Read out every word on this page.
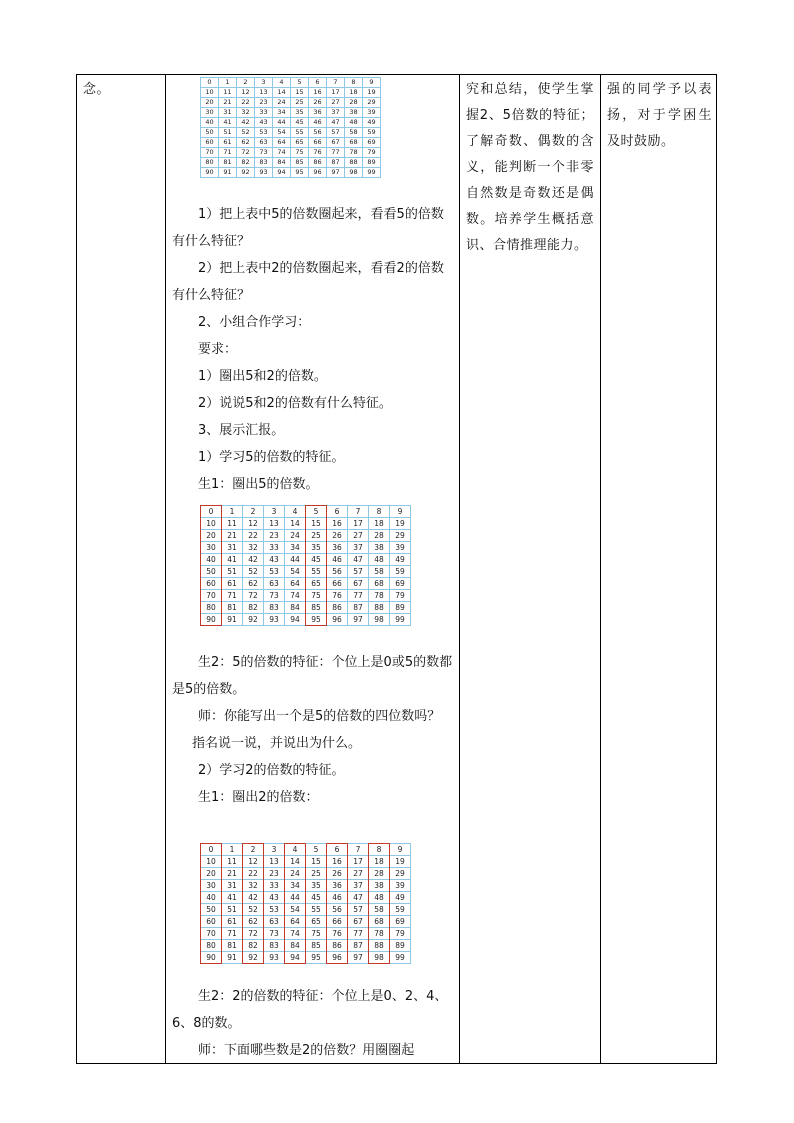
念。	0	1	2	3	4	5	6	7	8	9
10	11	12	13	14	15	16	17	18	19
20	21	22	23	24	25	26	27	28	29
30	31	32	33	34	35	36	37	38	39
40	41	42	43	44	45	46	47	48	49
50	51	52	53	54	55	56	57	58	59
60	61	62	63	64	65	66	67	68	69
70	71	72	73	74	75	76	77	78	79
80	81	82	83	84	85	86	87	88	89
90	91	92	93	94	95	96	97	98	99

1）把上表中5的倍数圈起来，看看5的倍数有什么特征？

2）把上表中2的倍数圈起来，看看2的倍数有什么特征？

2、小组合作学习：

要求：

1）圈出5和2的倍数。

2）说说5和2的倍数有什么特征。

3、展示汇报。

1）学习5的倍数的特征。

生1：圈出5的倍数。

0	1	2	3	4	5	6	7	8	9
10	11	12	13	14	15	16	17	18	19
20	21	22	23	24	25	26	27	28	29
30	31	32	33	34	35	36	37	38	39
40	41	42	43	44	45	46	47	48	49
50	51	52	53	54	55	56	57	58	59
60	61	62	63	64	65	66	67	68	69
70	71	72	73	74	75	76	77	78	79
80	81	82	83	84	85	86	87	88	89
90	91	92	93	94	95	96	97	98	99

生2：5的倍数的特征：个位上是0或5的数都是5的倍数。

师：你能写出一个是5的倍数的四位数吗？

指名说一说，并说出为什么。

2）学习2的倍数的特征。

生1：圈出2的倍数：

0	1	2	3	4	5	6	7	8	9
10	11	12	13	14	15	16	17	18	19
20	21	22	23	24	25	26	27	28	29
30	31	32	33	34	35	36	37	38	39
40	41	42	43	44	45	46	47	48	49
50	51	52	53	54	55	56	57	58	59
60	61	62	63	64	65	66	67	68	69
70	71	72	73	74	75	76	77	78	79
80	81	82	83	84	85	86	87	88	89
90	91	92	93	94	95	96	97	98	99

生2：2的倍数的特征：个位上是0、2、4、6、8的数。

师：下面哪些数是2的倍数？用圈圈起

究和总结，使学生掌握2、5倍数的特征；了解奇数、偶数的含义，能判断一个非零自然数是奇数还是偶数。培养学生概括意识、合情推理能力。
强的同学予以表扬，对于学困生及时鼓励。
